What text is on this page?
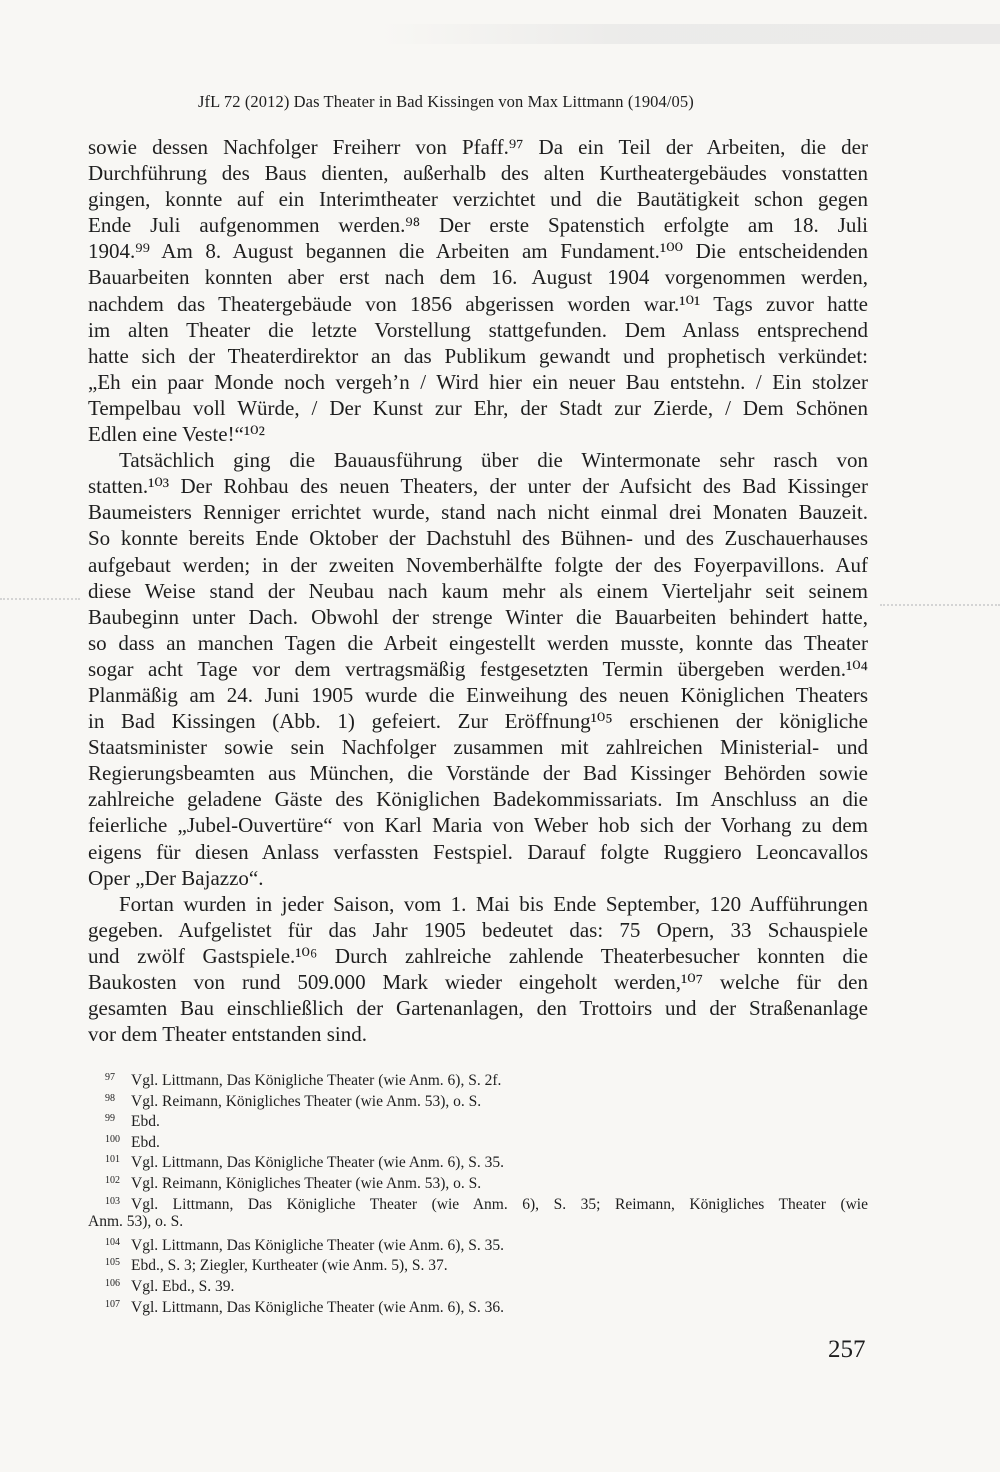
JfL 72 (2012) Das Theater in Bad Kissingen von Max Littmann (1904/05)
sowie dessen Nachfolger Freiherr von Pfaff.⁹⁷ Da ein Teil der Arbeiten, die der
Durchführung des Baus dienten, außerhalb des alten Kurtheatergebäudes vonstatten
gingen, konnte auf ein Interimtheater verzichtet und die Bautätigkeit schon gegen
Ende Juli aufgenommen werden.⁹⁸ Der erste Spatenstich erfolgte am 18. Juli
1904.⁹⁹ Am 8. August begannen die Arbeiten am Fundament.¹⁰⁰ Die entscheidenden
Bauarbeiten konnten aber erst nach dem 16. August 1904 vorgenommen werden,
nachdem das Theatergebäude von 1856 abgerissen worden war.¹⁰¹ Tags zuvor hatte
im alten Theater die letzte Vorstellung stattgefunden. Dem Anlass entsprechend
hatte sich der Theaterdirektor an das Publikum gewandt und prophetisch verkündet:
„Eh ein paar Monde noch vergeh’n / Wird hier ein neuer Bau entstehn. / Ein stolzer
Tempelbau voll Würde, / Der Kunst zur Ehr, der Stadt zur Zierde, / Dem Schönen
Edlen eine Veste!“¹⁰²
Tatsächlich ging die Bauausführung über die Wintermonate sehr rasch von
statten.¹⁰³ Der Rohbau des neuen Theaters, der unter der Aufsicht des Bad Kissinger
Baumeisters Renniger errichtet wurde, stand nach nicht einmal drei Monaten Bauzeit.
So konnte bereits Ende Oktober der Dachstuhl des Bühnen- und des Zuschauerhauses
aufgebaut werden; in der zweiten Novemberhälfte folgte der des Foyerpavillons. Auf
diese Weise stand der Neubau nach kaum mehr als einem Vierteljahr seit seinem
Baubeginn unter Dach. Obwohl der strenge Winter die Bauarbeiten behindert hatte,
so dass an manchen Tagen die Arbeit eingestellt werden musste, konnte das Theater
sogar acht Tage vor dem vertragsmäßig festgesetzten Termin übergeben werden.¹⁰⁴
Planmäßig am 24. Juni 1905 wurde die Einweihung des neuen Königlichen Theaters
in Bad Kissingen (Abb. 1) gefeiert. Zur Eröffnung¹⁰⁵ erschienen der königliche
Staatsminister sowie sein Nachfolger zusammen mit zahlreichen Ministerial- und
Regierungsbeamten aus München, die Vorstände der Bad Kissinger Behörden sowie
zahlreiche geladene Gäste des Königlichen Badekommissariats. Im Anschluss an die
feierliche „Jubel-Ouvertüre“ von Karl Maria von Weber hob sich der Vorhang zu dem
eigens für diesen Anlass verfassten Festspiel. Darauf folgte Ruggiero Leoncavallos
Oper „Der Bajazzo“.
Fortan wurden in jeder Saison, vom 1. Mai bis Ende September, 120 Aufführungen
gegeben. Aufgelistet für das Jahr 1905 bedeutet das: 75 Opern, 33 Schauspiele
und zwölf Gastspiele.¹⁰⁶ Durch zahlreiche zahlende Theaterbesucher konnten die
Baukosten von rund 509.000 Mark wieder eingeholt werden,¹⁰⁷ welche für den
gesamten Bau einschließlich der Gartenanlagen, den Trottoirs und der Straßenanlage
vor dem Theater entstanden sind.
97 Vgl. Littmann, Das Königliche Theater (wie Anm. 6), S. 2f.
98 Vgl. Reimann, Königliches Theater (wie Anm. 53), o. S.
99 Ebd.
100 Ebd.
101 Vgl. Littmann, Das Königliche Theater (wie Anm. 6), S. 35.
102 Vgl. Reimann, Königliches Theater (wie Anm. 53), o. S.
103 Vgl. Littmann, Das Königliche Theater (wie Anm. 6), S. 35; Reimann, Königliches Theater (wie
Anm. 53), o. S.
104 Vgl. Littmann, Das Königliche Theater (wie Anm. 6), S. 35.
105 Ebd., S. 3; Ziegler, Kurtheater (wie Anm. 5), S. 37.
106 Vgl. Ebd., S. 39.
107 Vgl. Littmann, Das Königliche Theater (wie Anm. 6), S. 36.
257
